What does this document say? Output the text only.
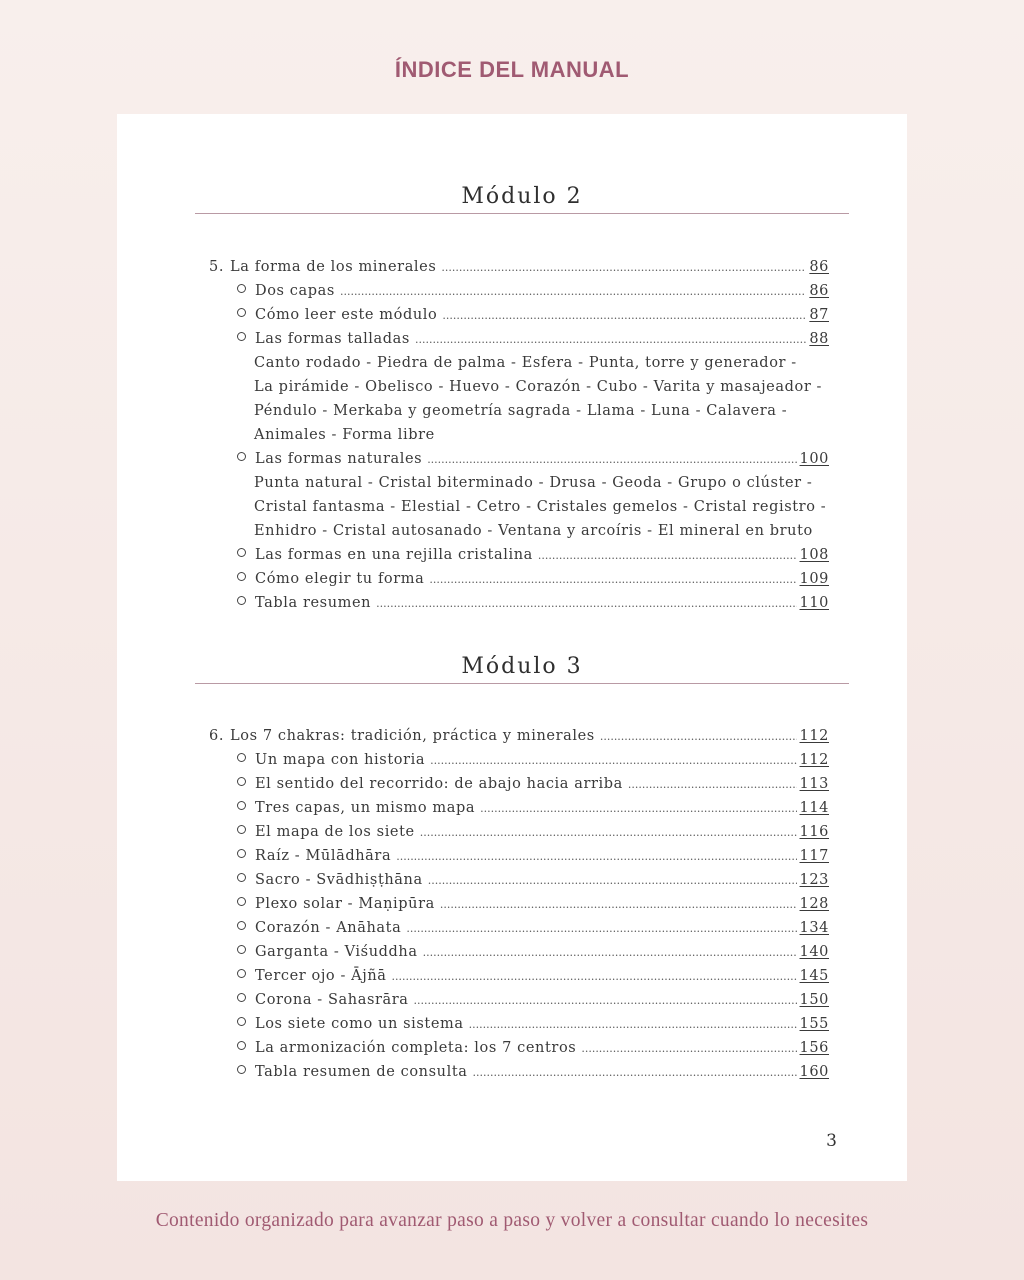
ÍNDICE DEL MANUAL
Módulo 2
5. La forma de los minerales .....	86
Dos capas .....	86
Cómo leer este módulo .....	87
Las formas talladas .....	88
Canto rodado - Piedra de palma - Esfera - Punta, torre y generador -
La pirámide - Obelisco - Huevo - Corazón - Cubo - Varita y masajeador -
Péndulo - Merkaba y geometría sagrada - Llama - Luna - Calavera -
Animales - Forma libre
Las formas naturales .....	100
Punta natural - Cristal biterminado - Drusa - Geoda - Grupo o clúster -
Cristal fantasma - Elestial - Cetro - Cristales gemelos - Cristal registro -
Enhidro - Cristal autosanado - Ventana y arcoíris - El mineral en bruto
Las formas en una rejilla cristalina .....	108
Cómo elegir tu forma .....	109
Tabla resumen .....	110
Módulo 3
6. Los 7 chakras: tradición, práctica y minerales .....	112
Un mapa con historia .....	112
El sentido del recorrido: de abajo hacia arriba .....	113
Tres capas, un mismo mapa .....	114
El mapa de los siete .....	116
Raíz - Mūlādhāra .....	117
Sacro - Svādhiṣṭhāna .....	123
Plexo solar - Maṇipūra .....	128
Corazón - Anāhata .....	134
Garganta - Viśuddha .....	140
Tercer ojo - Ājñā .....	145
Corona - Sahasrāra .....	150
Los siete como un sistema .....	155
La armonización completa: los 7 centros .....	156
Tabla resumen de consulta .....	160
3
Contenido organizado para avanzar paso a paso y volver a consultar cuando lo necesites
